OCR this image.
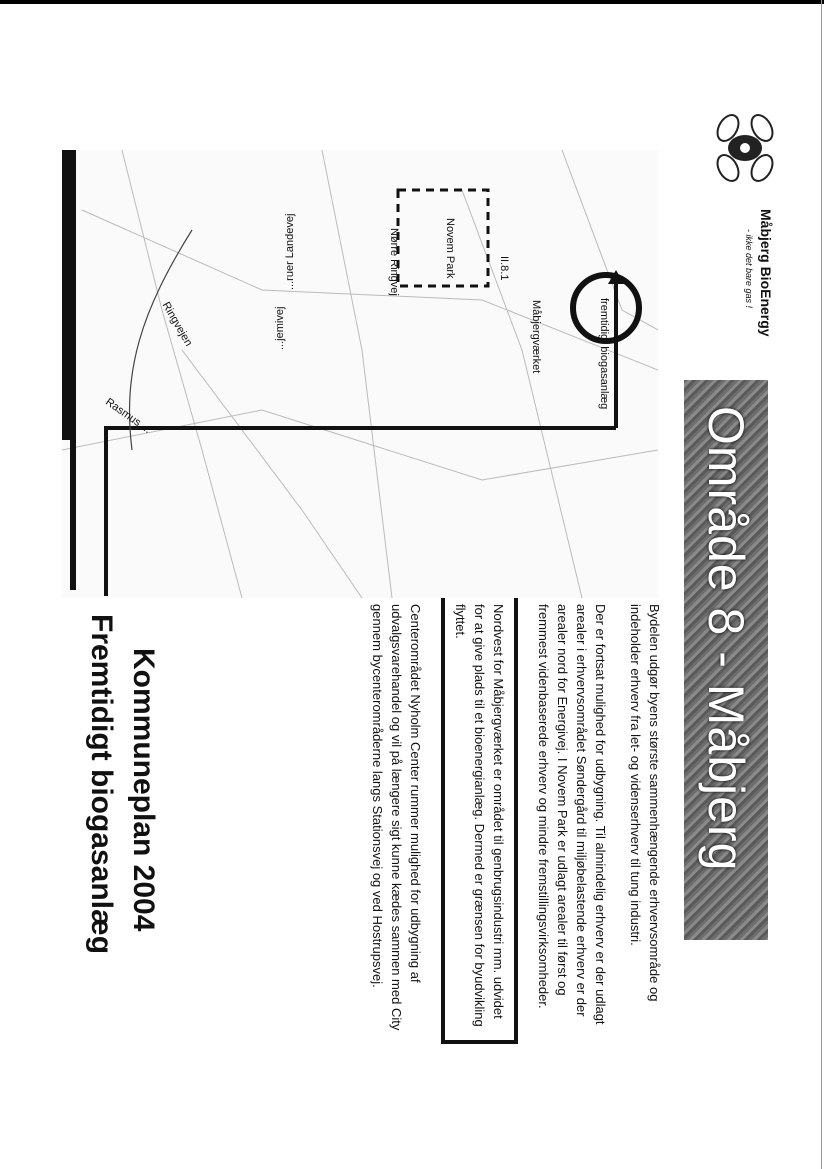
Måbjerg BioEnergy
- ikke det bare gas !
Område 8 - Måbjerg

Bydelen udgør byens største sammenhængende erhvervsområde og indeholder erhverv fra let- og videnserhverv til tung industri.

Der er fortsat mulighed for udbygning. Til almindelig erhverv er der udlagt arealer i erhvervsområdet Søndergård til miljøbelastende erhverv er der arealer nord for Energivej. I Novem Park er udlagt arealer til først og fremmest videnbaserede erhverv og mindre fremstillingsvirksomheder.

Nordvest for Måbjergværket er området til genbrugsindustri mm. udvidet for at give plads til et bioenergianlæg. Dermed er grænsen for byudvikling flyttet.

Centerområdet Nyholm Center rummer mulighed for udbygning af udvalgsvarehandel og vil på længere sigt kunne kædes sammen med City gennem bycenterområderne langs Stationsvej og ved Hostrupsvej.

Kommuneplan 2004
Fremtidigt biogasanlæg
fremtidigt biogasanlæg
Måbjergværket
Novem Park	II.8.1
Nørre Ringvej
...ruer Landevej
...jemivej
Ringvejen
Rasmus ...
